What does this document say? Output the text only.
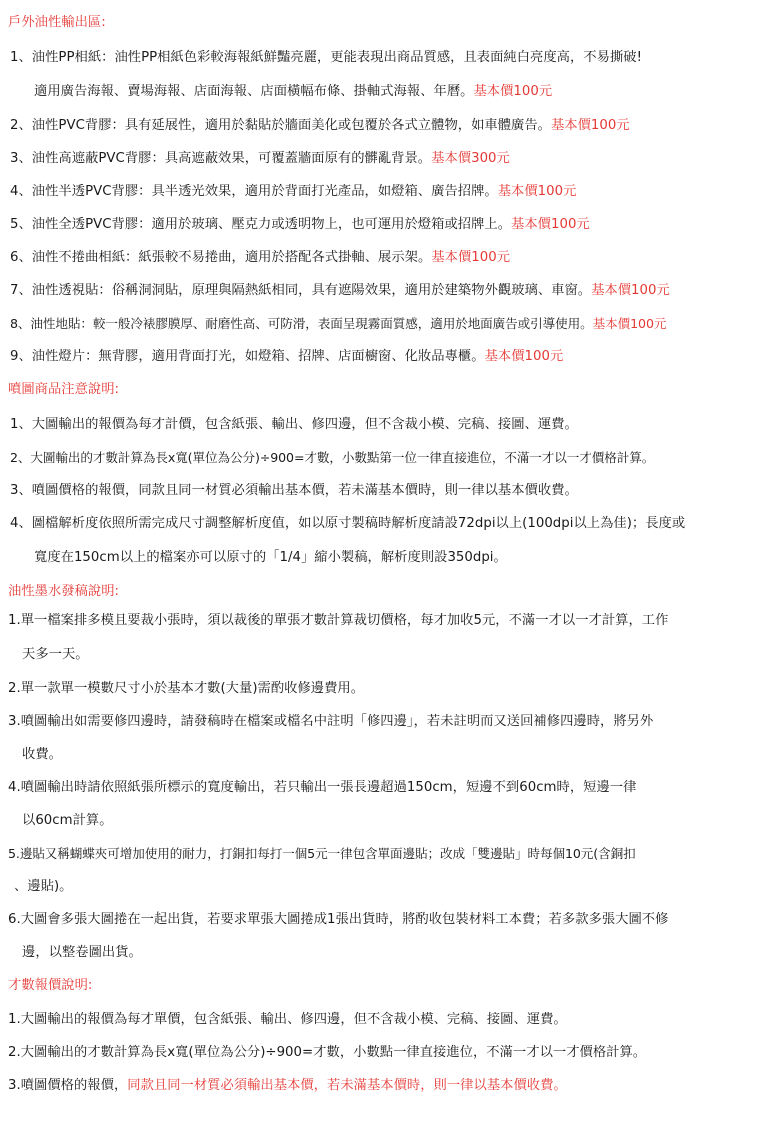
戶外油性輸出區:
1、油性PP相紙：油性PP相紙色彩較海報紙鮮豔亮麗，更能表現出商品質感，且表面純白亮度高，不易撕破!
適用廣告海報、賣場海報、店面海報、店面橫幅布條、掛軸式海報、年曆。基本價100元
2、油性PVC背膠：具有延展性，適用於黏貼於牆面美化或包覆於各式立體物，如車體廣告。基本價100元
3、油性高遮蔽PVC背膠：具高遮蔽效果，可覆蓋牆面原有的髒亂背景。基本價300元
4、油性半透PVC背膠：具半透光效果，適用於背面打光產品，如燈箱、廣告招牌。基本價100元
5、油性全透PVC背膠：適用於玻璃、壓克力或透明物上，也可運用於燈箱或招牌上。基本價100元
6、油性不捲曲相紙：紙張較不易捲曲，適用於搭配各式掛軸、展示架。基本價100元
7、油性透視貼：俗稱洞洞貼，原理與隔熱紙相同，具有遮陽效果，適用於建築物外觀玻璃、車窗。基本價100元
8、油性地貼：較一般冷裱膠膜厚、耐磨性高、可防滑，表面呈現霧面質感，適用於地面廣告或引導使用。基本價100元
9、油性燈片：無背膠，適用背面打光，如燈箱、招牌、店面櫥窗、化妝品專櫃。基本價100元
噴圖商品注意說明:
1、大圖輸出的報價為每才計價，包含紙張、輸出、修四邊，但不含裁小模、完稿、接圖、運費。
2、大圖輸出的才數計算為長x寬(單位為公分)÷900=才數，小數點第一位一律直接進位，不滿一才以一才價格計算。
3、噴圖價格的報價，同款且同一材質必須輸出基本價，若未滿基本價時，則一律以基本價收費。
4、圖檔解析度依照所需完成尺寸調整解析度值，如以原寸製稿時解析度請設72dpi以上(100dpi以上為佳)；長度或
寬度在150cm以上的檔案亦可以原寸的「1/4」縮小製稿，解析度則設350dpi。
油性墨水發稿說明:
1.單一檔案排多模且要裁小張時，須以裁後的單張才數計算裁切價格，每才加收5元，不滿一才以一才計算，工作
天多一天。
2.單一款單一模數尺寸小於基本才數(大量)需酌收修邊費用。
3.噴圖輸出如需要修四邊時，請發稿時在檔案或檔名中註明「修四邊」，若未註明而又送回補修四邊時，將另外
收費。
4.噴圖輸出時請依照紙張所標示的寬度輸出，若只輸出一張長邊超過150cm，短邊不到60cm時，短邊一律
以60cm計算。
5.邊貼又稱蝴蝶夾可增加使用的耐力，打銅扣每打一個5元一律包含單面邊貼；改成「雙邊貼」時每個10元(含銅扣
、邊貼)。
6.大圖會多張大圖捲在一起出貨，若要求單張大圖捲成1張出貨時，將酌收包裝材料工本費；若多款多張大圖不修
邊，以整卷圖出貨。
才數報價說明:
1.大圖輸出的報價為每才單價，包含紙張、輸出、修四邊，但不含裁小模、完稿、接圖、運費。
2.大圖輸出的才數計算為長x寬(單位為公分)÷900=才數，小數點一律直接進位，不滿一才以一才價格計算。
3.噴圖價格的報價，同款且同一材質必須輸出基本價，若未滿基本價時，則一律以基本價收費。
